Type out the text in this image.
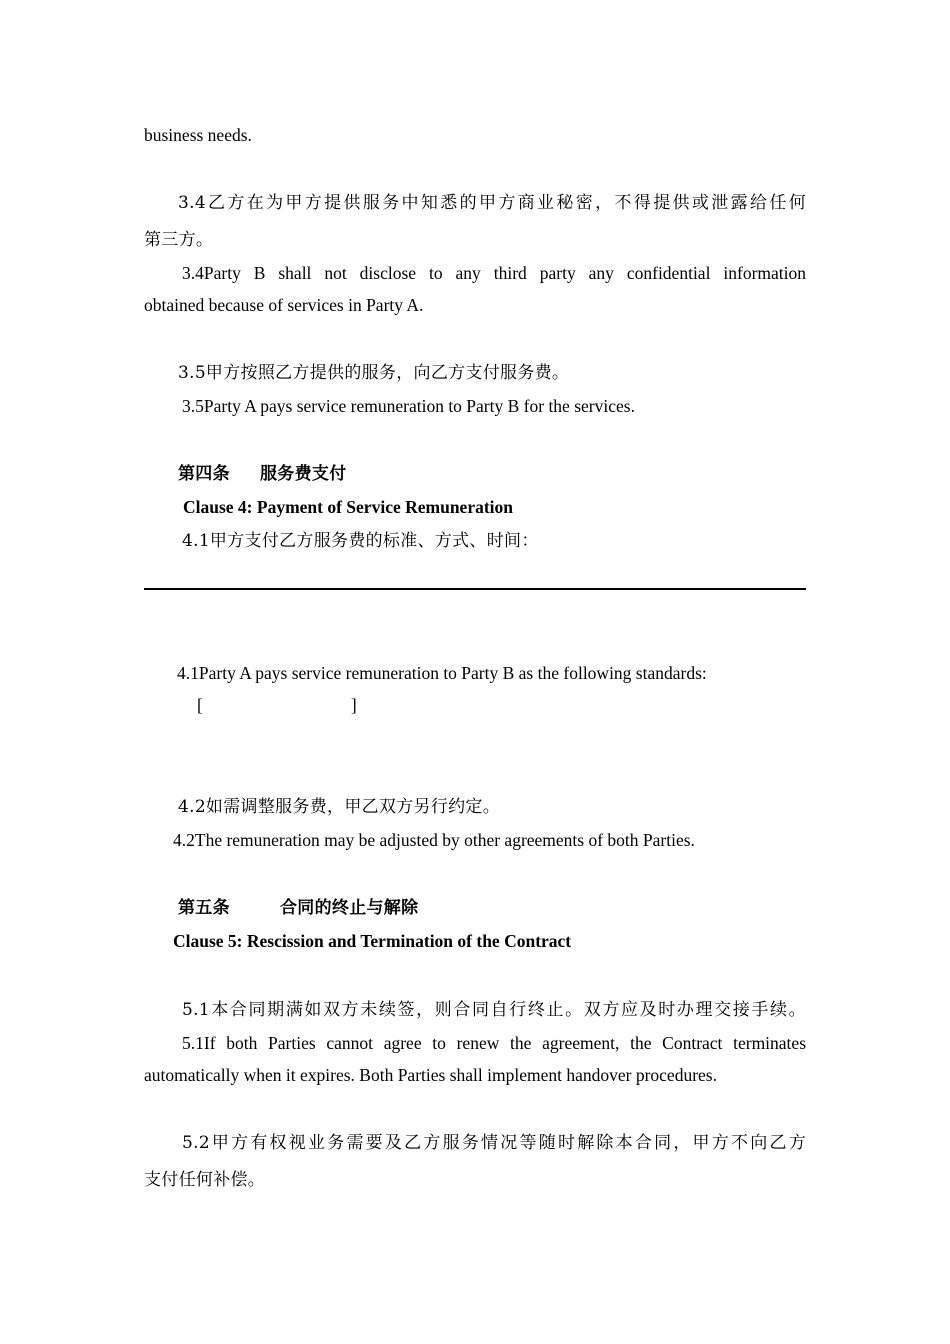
business needs.
3.4乙方在为甲方提供服务中知悉的甲方商业秘密，不得提供或泄露给任何
第三方。
3.4Party B shall not disclose to any third party any confidential information
obtained because of services in Party A.
3.5甲方按照乙方提供的服务，向乙方支付服务费。
3.5Party A pays service remuneration to Party B for the services.
第四条 服务费支付
Clause 4: Payment of Service Remuneration
4.1甲方支付乙方服务费的标准、方式、时间：
4.1Party A pays service remuneration to Party B as the following standards:
[	]
4.2如需调整服务费，甲乙双方另行约定。
4.2The remuneration may be adjusted by other agreements of both Parties.
第五条	合同的终止与解除
Clause 5: Rescission and Termination of the Contract
5.1本合同期满如双方未续签，则合同自行终止。双方应及时办理交接手续。
5.1If both Parties cannot agree to renew the agreement, the Contract terminates
automatically when it expires. Both Parties shall implement handover procedures.
5.2甲方有权视业务需要及乙方服务情况等随时解除本合同，甲方不向乙方
支付任何补偿。
